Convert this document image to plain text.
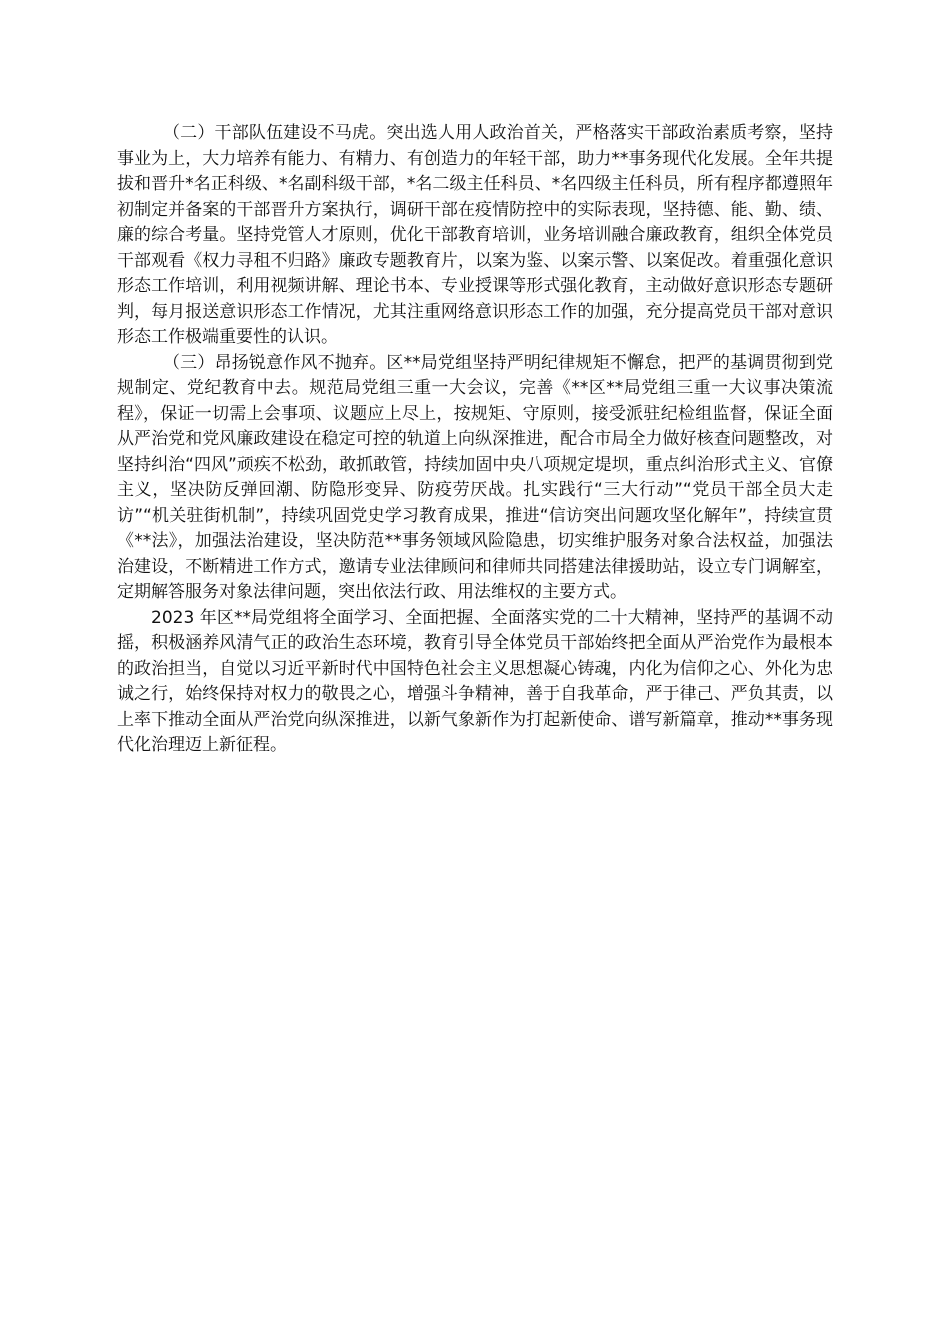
（二）干部队伍建设不马虎。突出选人用人政治首关，严格落实干部政治素质考察，坚持事业为上，大力培养有能力、有精力、有创造力的年轻干部，助力**事务现代化发展。全年共提拔和晋升*名正科级、*名副科级干部，*名二级主任科员、*名四级主任科员，所有程序都遵照年初制定并备案的干部晋升方案执行，调研干部在疫情防控中的实际表现，坚持德、能、勤、绩、廉的综合考量。坚持党管人才原则，优化干部教育培训，业务培训融合廉政教育，组织全体党员干部观看《权力寻租不归路》廉政专题教育片，以案为鉴、以案示警、以案促改。着重强化意识形态工作培训，利用视频讲解、理论书本、专业授课等形式强化教育，主动做好意识形态专题研判，每月报送意识形态工作情况，尤其注重网络意识形态工作的加强，充分提高党员干部对意识形态工作极端重要性的认识。

（三）昂扬锐意作风不抛弃。区**局党组坚持严明纪律规矩不懈怠，把严的基调贯彻到党规制定、党纪教育中去。规范局党组三重一大会议，完善《**区**局党组三重一大议事决策流程》，保证一切需上会事项、议题应上尽上，按规矩、守原则，接受派驻纪检组监督，保证全面从严治党和党风廉政建设在稳定可控的轨道上向纵深推进，配合市局全力做好核查问题整改，对坚持纠治“四风”顽疾不松劲，敢抓敢管，持续加固中央八项规定堤坝，重点纠治形式主义、官僚主义，坚决防反弹回潮、防隐形变异、防疫劳厌战。扎实践行“三大行动”“党员干部全员大走访”“机关驻街机制”，持续巩固党史学习教育成果，推进“信访突出问题攻坚化解年”，持续宣贯《**法》，加强法治建设，坚决防范**事务领域风险隐患，切实维护服务对象合法权益，加强法治建设，不断精进工作方式，邀请专业法律顾问和律师共同搭建法律援助站，设立专门调解室，定期解答服务对象法律问题，突出依法行政、用法维权的主要方式。

2023 年区**局党组将全面学习、全面把握、全面落实党的二十大精神，坚持严的基调不动摇，积极涵养风清气正的政治生态环境，教育引导全体党员干部始终把全面从严治党作为最根本的政治担当，自觉以习近平新时代中国特色社会主义思想凝心铸魂，内化为信仰之心、外化为忠诚之行，始终保持对权力的敬畏之心，增强斗争精神，善于自我革命，严于律己、严负其责，以上率下推动全面从严治党向纵深推进，以新气象新作为打起新使命、谱写新篇章，推动**事务现代化治理迈上新征程。
